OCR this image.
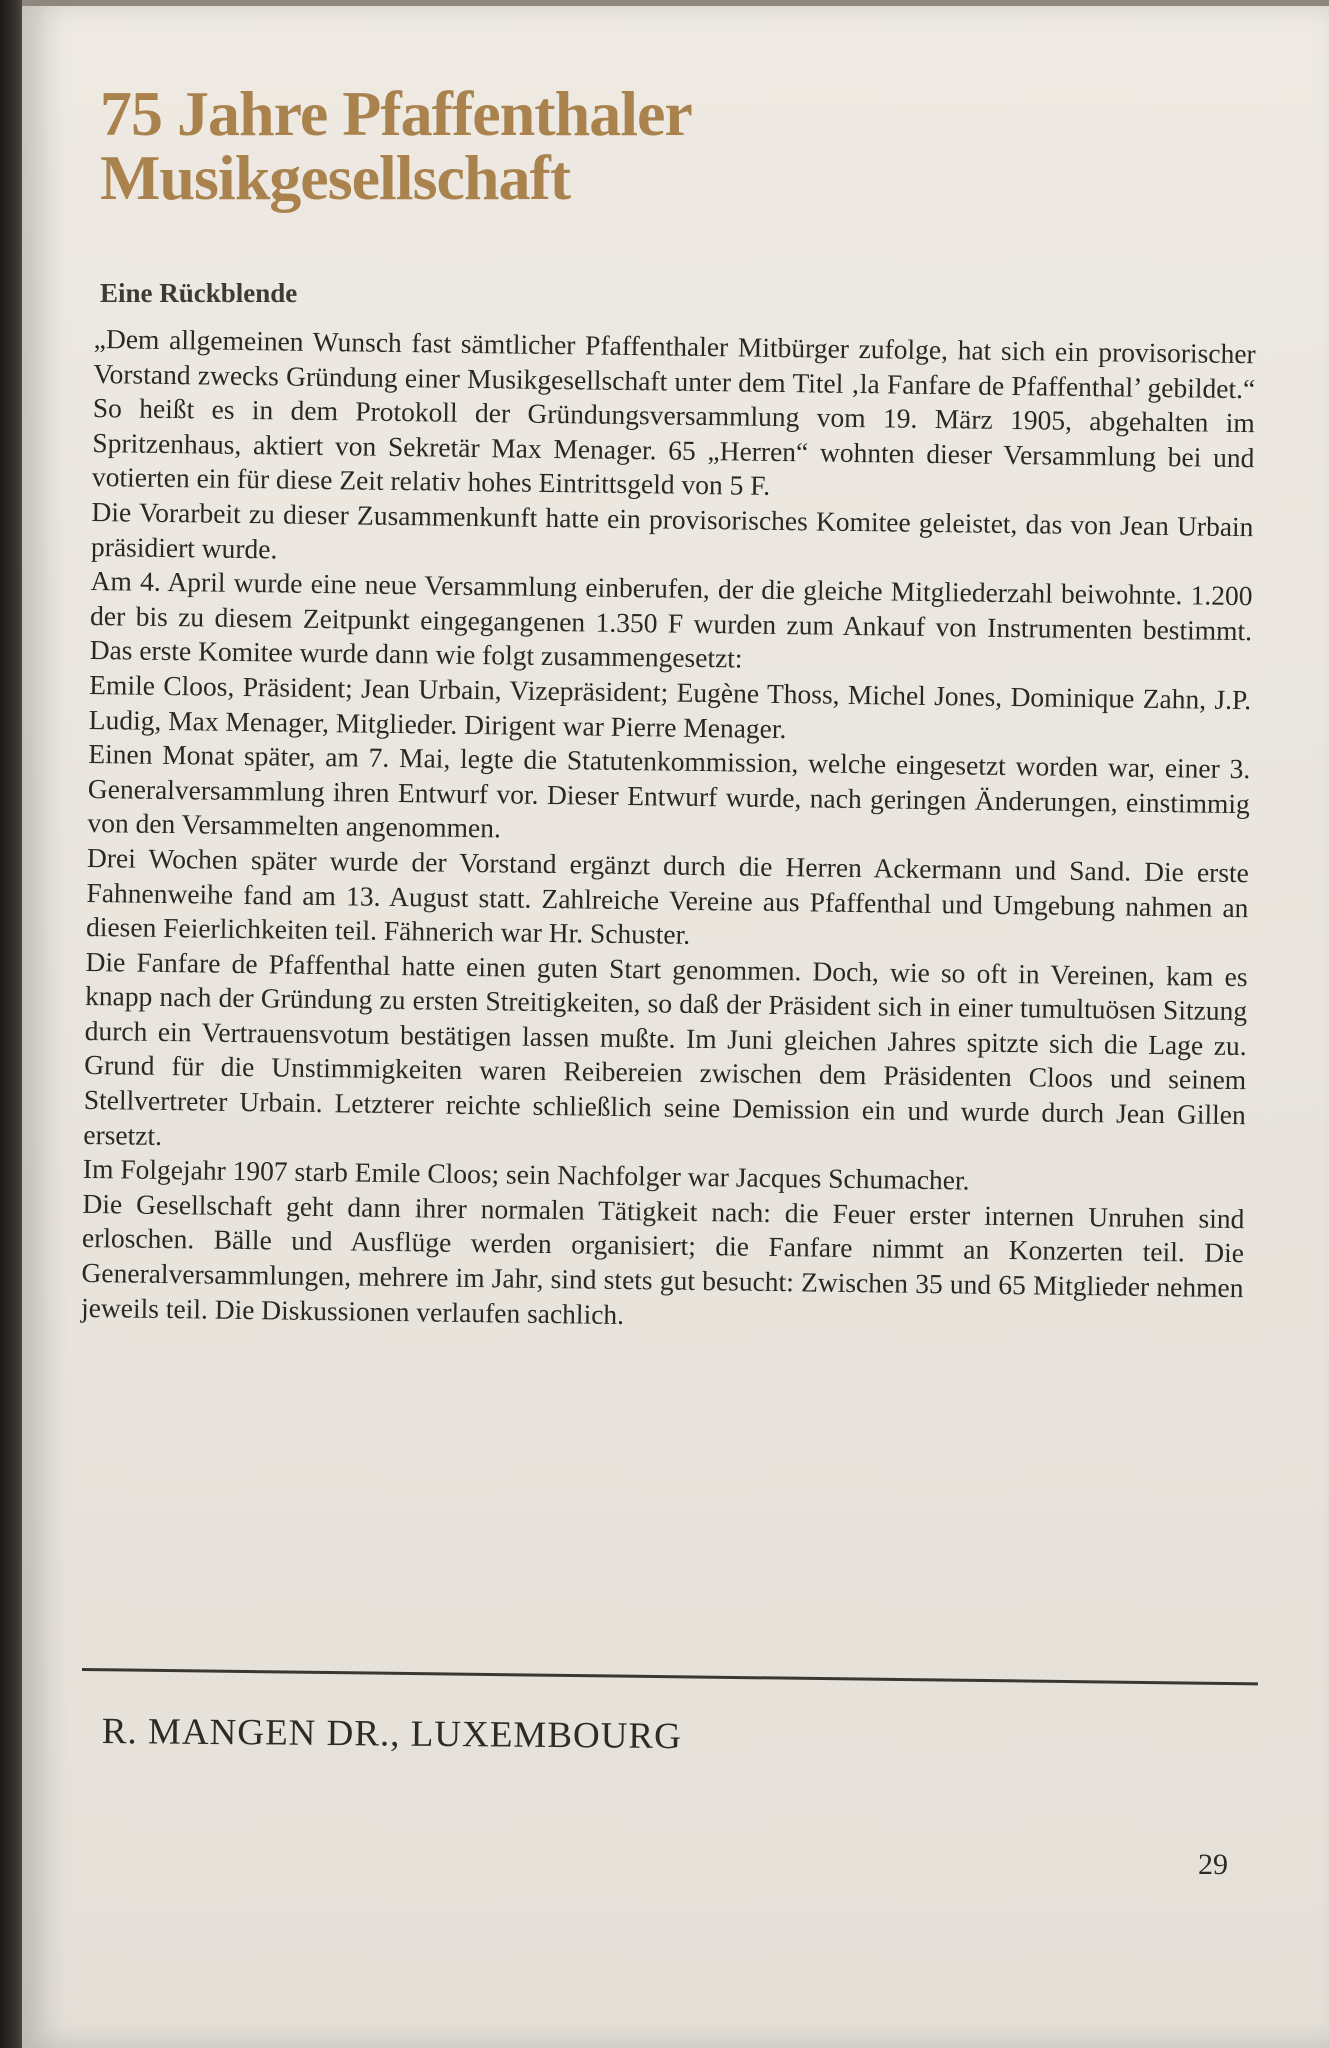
75 Jahre Pfaffenthaler
Musikgesellschaft
Eine Rückblende

„Dem allgemeinen Wunsch fast sämtlicher Pfaffenthaler Mitbürger zufolge, hat sich ein provisorischer Vorstand zwecks Gründung einer Musikgesellschaft unter dem Titel ‚la Fanfare de Pfaffenthal’ gebildet.“ So heißt es in dem Protokoll der Gründungsversammlung vom 19. März 1905, abgehalten im Spritzenhaus, aktiert von Sekretär Max Menager. 65 „Herren“ wohnten dieser Versammlung bei und votierten ein für diese Zeit relativ hohes Eintrittsgeld von 5 F.

Die Vorarbeit zu dieser Zusammenkunft hatte ein provisorisches Komitee geleistet, das von Jean Urbain präsidiert wurde.

Am 4. April wurde eine neue Versammlung einberufen, der die gleiche Mitgliederzahl beiwohnte. 1.200 der bis zu diesem Zeitpunkt eingegangenen 1.350 F wurden zum Ankauf von Instrumenten bestimmt. Das erste Komitee wurde dann wie folgt zusammengesetzt:

Emile Cloos, Präsident; Jean Urbain, Vizepräsident; Eugène Thoss, Michel Jones, Dominique Zahn, J.P. Ludig, Max Menager, Mitglieder. Dirigent war Pierre Menager.

Einen Monat später, am 7. Mai, legte die Statutenkommission, welche eingesetzt worden war, einer 3. Generalversammlung ihren Entwurf vor. Dieser Entwurf wurde, nach geringen Änderungen, einstimmig von den Versammelten angenommen.

Drei Wochen später wurde der Vorstand ergänzt durch die Herren Ackermann und Sand. Die erste Fahnenweihe fand am 13. August statt. Zahlreiche Vereine aus Pfaffenthal und Umgebung nahmen an diesen Feierlichkeiten teil. Fähnerich war Hr. Schuster.

Die Fanfare de Pfaffenthal hatte einen guten Start genommen. Doch, wie so oft in Vereinen, kam es knapp nach der Gründung zu ersten Streitigkeiten, so daß der Präsident sich in einer tumultuösen Sitzung durch ein Vertrauensvotum bestätigen lassen mußte. Im Juni gleichen Jahres spitzte sich die Lage zu. Grund für die Unstimmigkeiten waren Reibereien zwischen dem Präsidenten Cloos und seinem Stellvertreter Urbain. Letzterer reichte schließlich seine Demission ein und wurde durch Jean Gillen ersetzt.

Im Folgejahr 1907 starb Emile Cloos; sein Nachfolger war Jacques Schumacher.

Die Gesellschaft geht dann ihrer normalen Tätigkeit nach: die Feuer erster internen Unruhen sind erloschen. Bälle und Ausflüge werden organisiert; die Fanfare nimmt an Konzerten teil. Die Generalversammlungen, mehrere im Jahr, sind stets gut besucht: Zwischen 35 und 65 Mitglieder nehmen jeweils teil. Die Diskussionen verlaufen sachlich.

R. MANGEN DR., LUXEMBOURG
29
